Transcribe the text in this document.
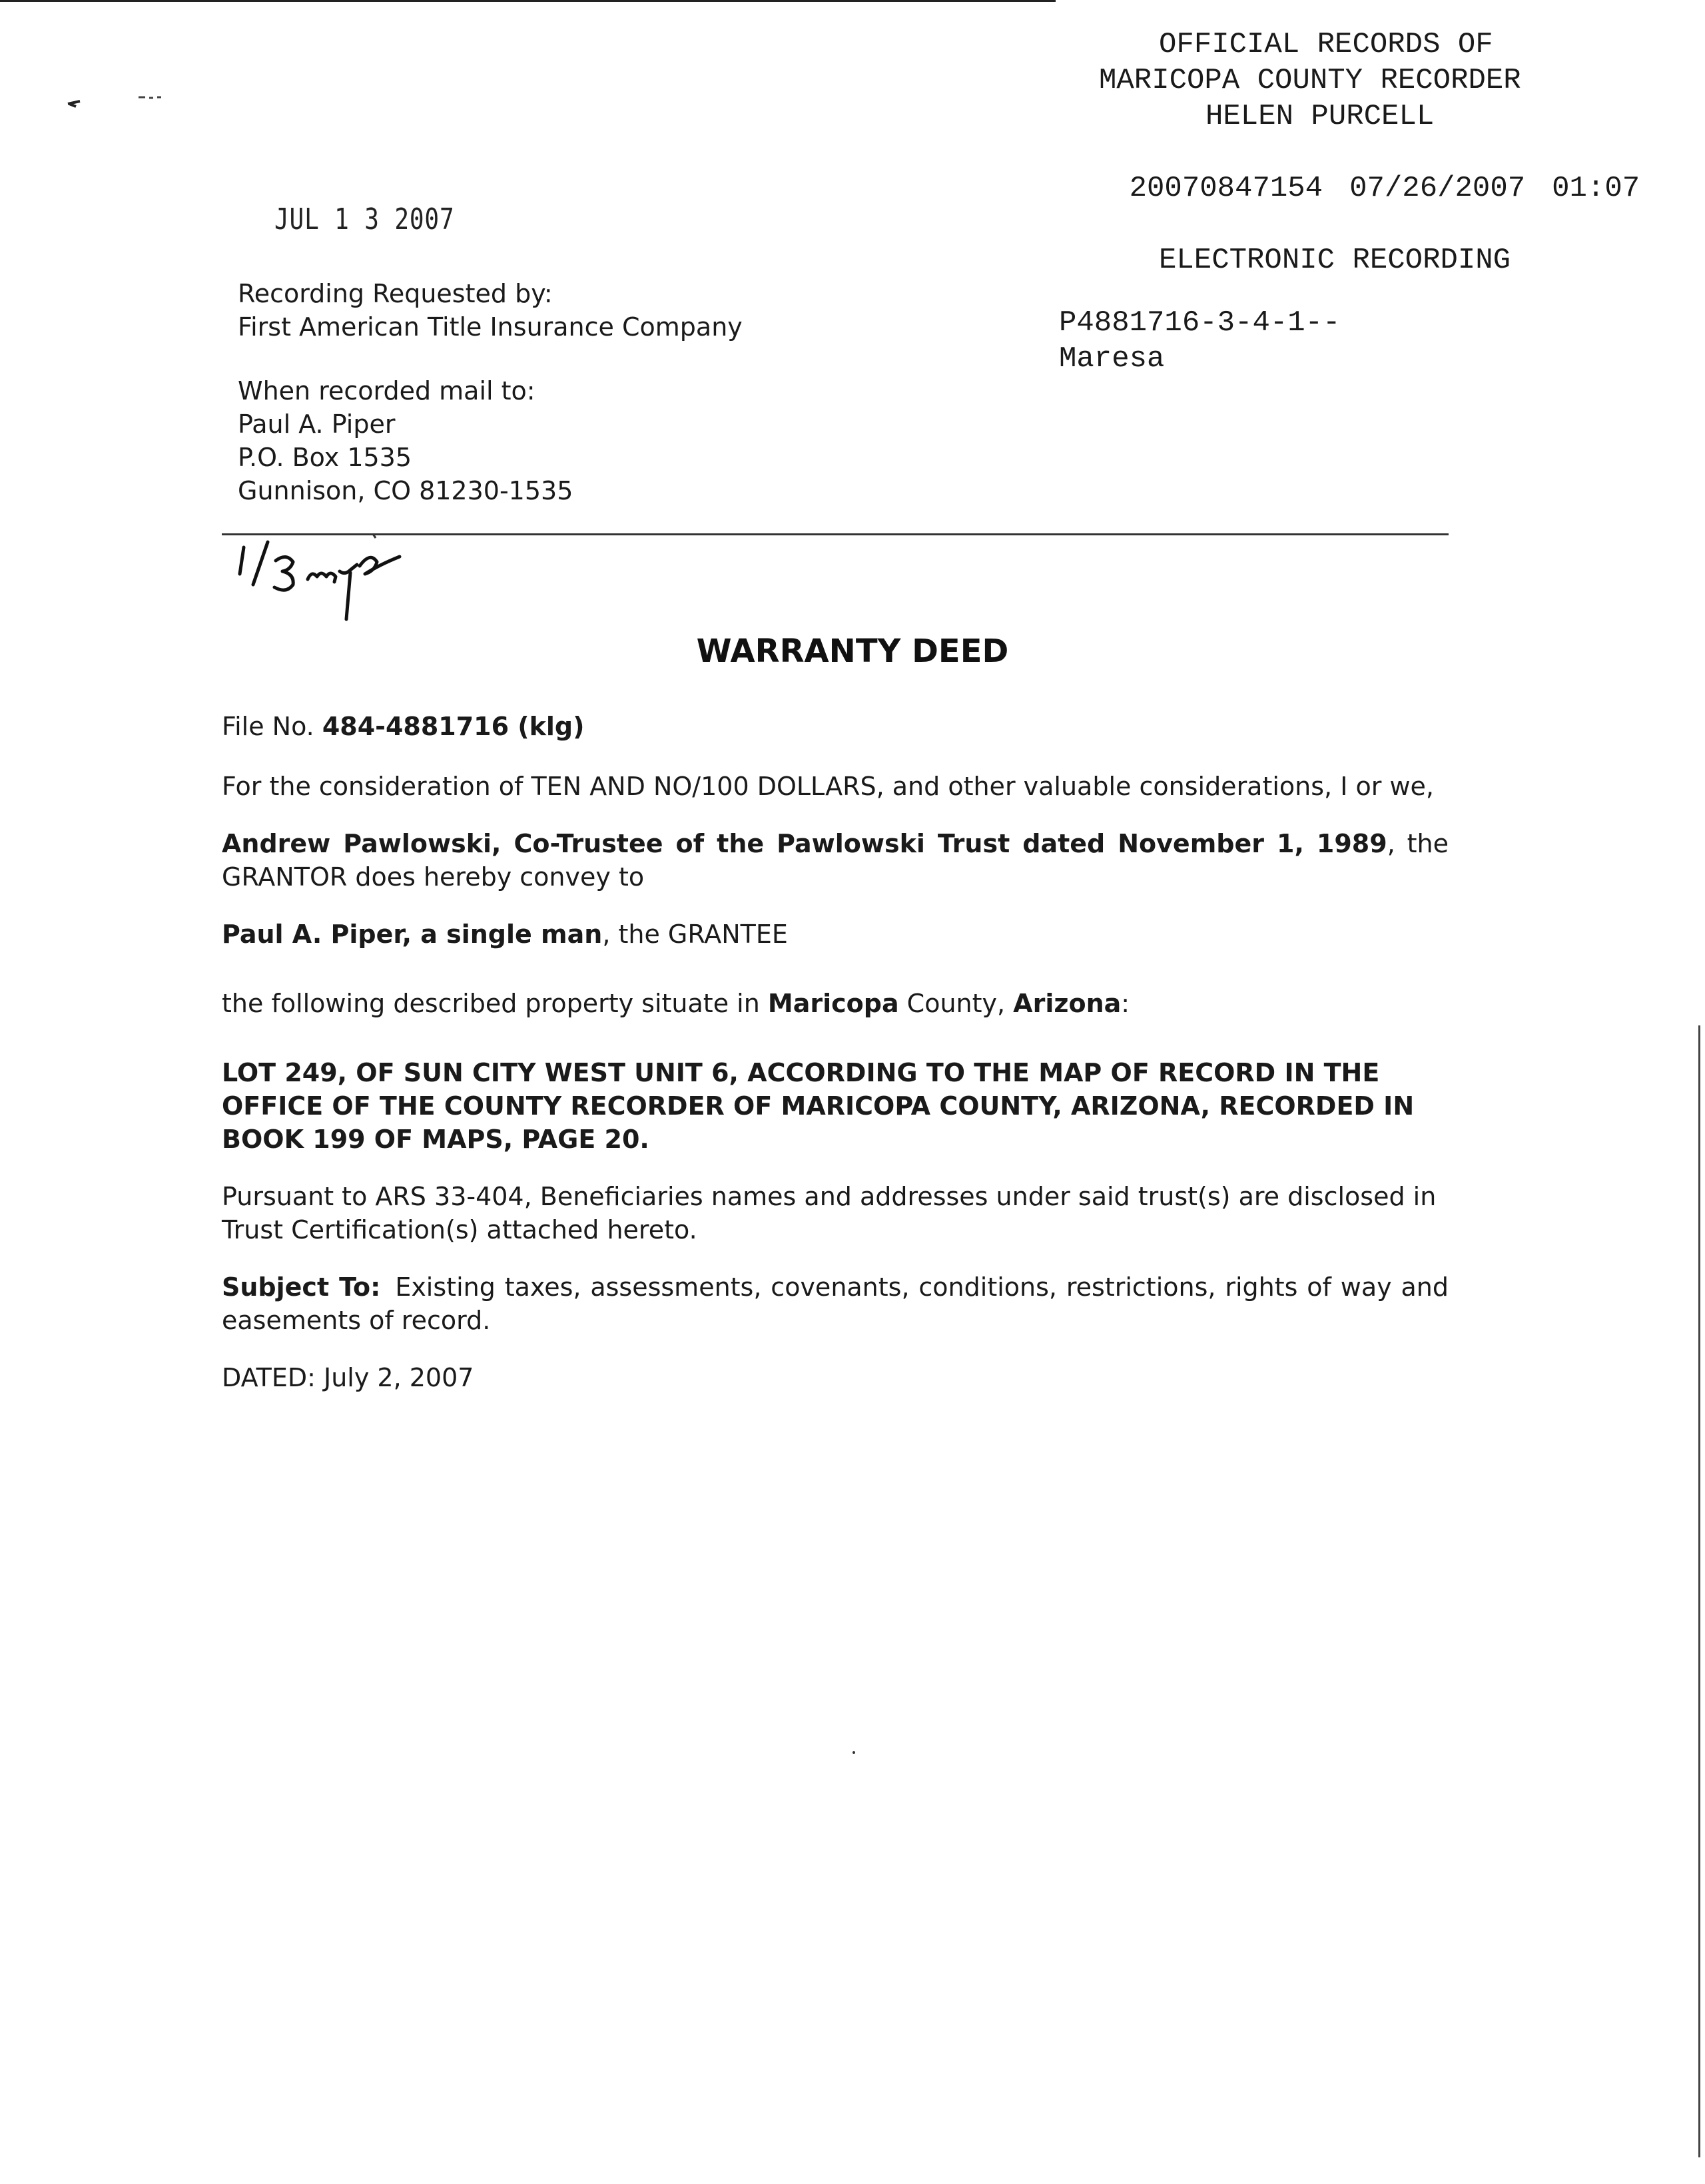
OFFICIAL RECORDS OF
MARICOPA COUNTY RECORDER
HELEN PURCELL

20070847154 07/26/2007 01:07

ELECTRONIC RECORDING
P4881716-3-4-1--
Maresa
JUL 1 3 2007
Recording Requested by:
First American Title Insurance Company
When recorded mail to:
Paul A. Piper
P.O. Box 1535
Gunnison, CO 81230-1535
WARRANTY DEED
File No. 484-4881716 (klg)
For the consideration of TEN AND NO/100 DOLLARS, and other valuable considerations, I or we,
Andrew Pawlowski, Co-Trustee of the Pawlowski Trust dated November 1, 1989, the GRANTOR does hereby convey to
Paul A. Piper, a single man, the GRANTEE
the following described property situate in Maricopa County, Arizona:
LOT 249, OF SUN CITY WEST UNIT 6, ACCORDING TO THE MAP OF RECORD IN THE OFFICE OF THE COUNTY RECORDER OF MARICOPA COUNTY, ARIZONA, RECORDED IN BOOK 199 OF MAPS, PAGE 20.
Pursuant to ARS 33-404, Beneficiaries names and addresses under said trust(s) are disclosed in Trust Certification(s) attached hereto.
Subject To: Existing taxes, assessments, covenants, conditions, restrictions, rights of way and easements of record.
DATED: July 2, 2007
